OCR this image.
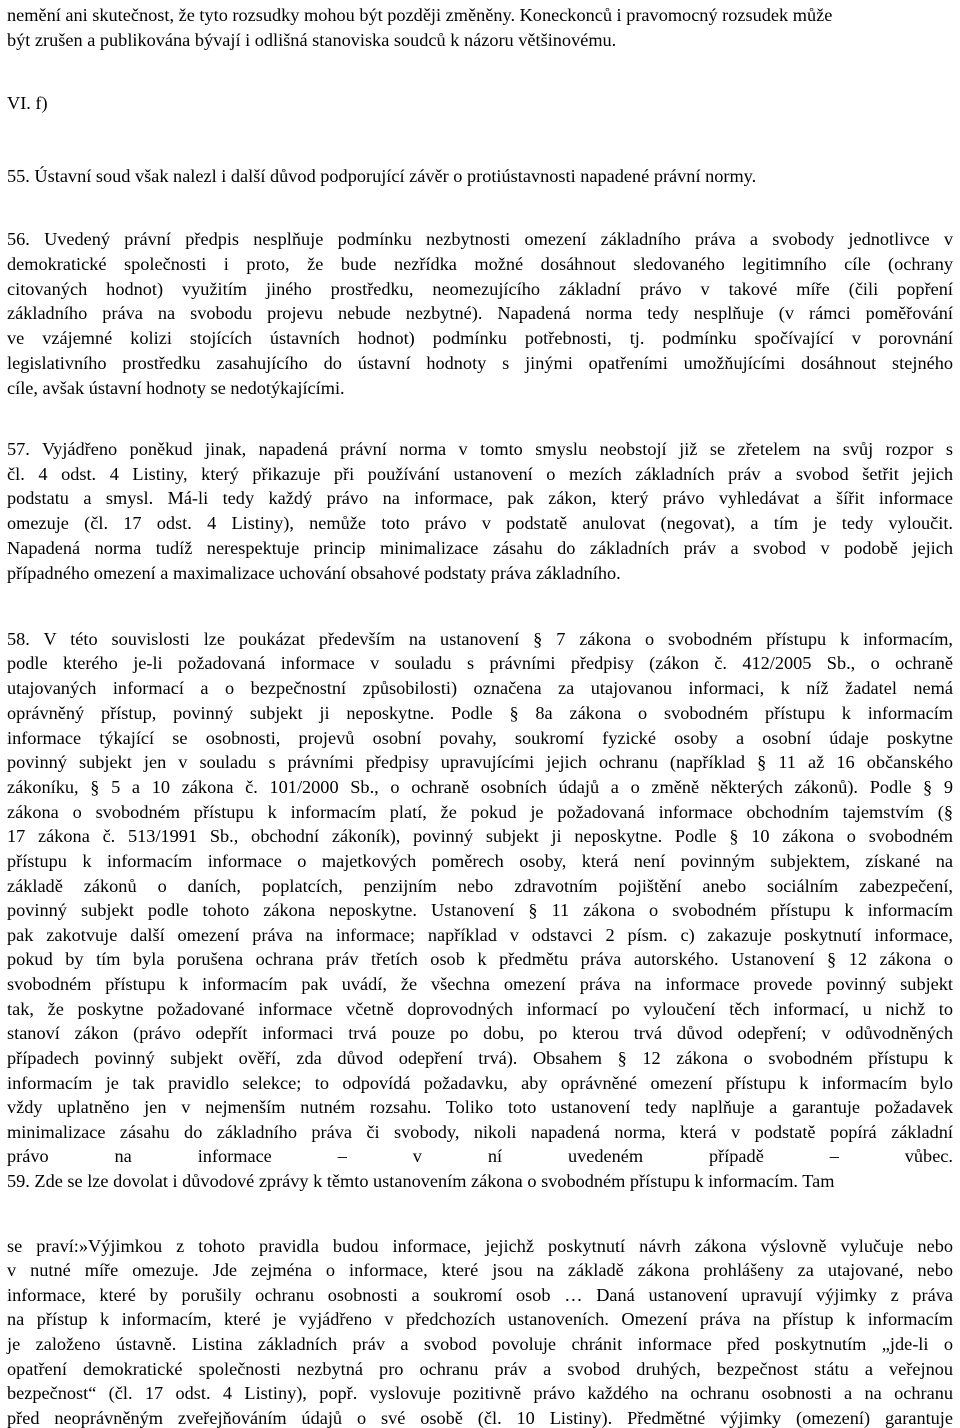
nemění ani skutečnost, že tyto rozsudky mohou být později změněny. Koneckonců i pravomocný rozsudek může

být zrušen a publikována bývají i odlišná stanoviska soudců k názoru většinovému.

VI. f)

55. Ústavní soud však nalezl i další důvod podporující závěr o protiústavnosti napadené právní normy.

56. Uvedený právní předpis nesplňuje podmínku nezbytnosti omezení základního práva a svobody jednotlivce v

demokratické společnosti i proto, že bude nezřídka možné dosáhnout sledovaného legitimního cíle (ochrany

citovaných hodnot) využitím jiného prostředku, neomezujícího základní právo v takové míře (čili popření

základního práva na svobodu projevu nebude nezbytné). Napadená norma tedy nesplňuje (v rámci poměřování

ve vzájemné kolizi stojících ústavních hodnot) podmínku potřebnosti, tj. podmínku spočívající v porovnání

legislativního prostředku zasahujícího do ústavní hodnoty s jinými opatřeními umožňujícími dosáhnout stejného

cíle, avšak ústavní hodnoty se nedotýkajícími.

57. Vyjádřeno poněkud jinak, napadená právní norma v tomto smyslu neobstojí již se zřetelem na svůj rozpor s

čl. 4 odst. 4 Listiny, který přikazuje při používání ustanovení o mezích základních práv a svobod šetřit jejich

podstatu a smysl. Má-li tedy každý právo na informace, pak zákon, který právo vyhledávat a šířit informace

omezuje (čl. 17 odst. 4 Listiny), nemůže toto právo v podstatě anulovat (negovat), a tím je tedy vyloučit.

Napadená norma tudíž nerespektuje princip minimalizace zásahu do základních práv a svobod v podobě jejich

případného omezení a maximalizace uchování obsahové podstaty práva základního.

58. V této souvislosti lze poukázat především na ustanovení § 7 zákona o svobodném přístupu k informacím,

podle kterého je-li požadovaná informace v souladu s právními předpisy (zákon č. 412/2005 Sb., o ochraně

utajovaných informací a o bezpečnostní způsobilosti) označena za utajovanou informaci, k níž žadatel nemá

oprávněný přístup, povinný subjekt ji neposkytne. Podle § 8a zákona o svobodném přístupu k informacím

informace týkající se osobnosti, projevů osobní povahy, soukromí fyzické osoby a osobní údaje poskytne

povinný subjekt jen v souladu s právními předpisy upravujícími jejich ochranu (například § 11 až 16 občanského

zákoníku, § 5 a 10 zákona č. 101/2000 Sb., o ochraně osobních údajů a o změně některých zákonů). Podle § 9

zákona o svobodném přístupu k informacím platí, že pokud je požadovaná informace obchodním tajemstvím (§

17 zákona č. 513/1991 Sb., obchodní zákoník), povinný subjekt ji neposkytne. Podle § 10 zákona o svobodném

přístupu k informacím informace o majetkových poměrech osoby, která není povinným subjektem, získané na

základě zákonů o daních, poplatcích, penzijním nebo zdravotním pojištění anebo sociálním zabezpečení,

povinný subjekt podle tohoto zákona neposkytne. Ustanovení § 11 zákona o svobodném přístupu k informacím

pak zakotvuje další omezení práva na informace; například v odstavci 2 písm. c) zakazuje poskytnutí informace,

pokud by tím byla porušena ochrana práv třetích osob k předmětu práva autorského. Ustanovení § 12 zákona o

svobodném přístupu k informacím pak uvádí, že všechna omezení práva na informace provede povinný subjekt

tak, že poskytne požadované informace včetně doprovodných informací po vyloučení těch informací, u nichž to

stanoví zákon (právo odepřít informaci trvá pouze po dobu, po kterou trvá důvod odepření; v odůvodněných

případech povinný subjekt ověří, zda důvod odepření trvá). Obsahem § 12 zákona o svobodném přístupu k

informacím je tak pravidlo selekce; to odpovídá požadavku, aby oprávněné omezení přístupu k informacím bylo

vždy uplatněno jen v nejmenším nutném rozsahu. Toliko toto ustanovení tedy naplňuje a garantuje požadavek

minimalizace zásahu do základního práva či svobody, nikoli napadená norma, která v podstatě popírá základní

právo na informace – v ní uvedeném případě – vůbec.

59. Zde se lze dovolat i důvodové zprávy k těmto ustanovením zákona o svobodném přístupu k informacím. Tam

se praví:»Výjimkou z tohoto pravidla budou informace, jejichž poskytnutí návrh zákona výslovně vylučuje nebo

v nutné míře omezuje. Jde zejména o informace, které jsou na základě zákona prohlášeny za utajované, nebo

informace, které by porušily ochranu osobnosti a soukromí osob … Daná ustanovení upravují výjimky z práva

na přístup k informacím, které je vyjádřeno v předchozích ustanoveních. Omezení práva na přístup k informacím

je založeno ústavně. Listina základních práv a svobod povoluje chránit informace před poskytnutím „jde-li o

opatření demokratické společnosti nezbytná pro ochranu práv a svobod druhých, bezpečnost státu a veřejnou

bezpečnost“ (čl. 17 odst. 4 Listiny), popř. vyslovuje pozitivně právo každého na ochranu osobnosti a na ochranu

před neoprávněným zveřejňováním údajů o své osobě (čl. 10 Listiny). Předmětné výjimky (omezení) garantuje
